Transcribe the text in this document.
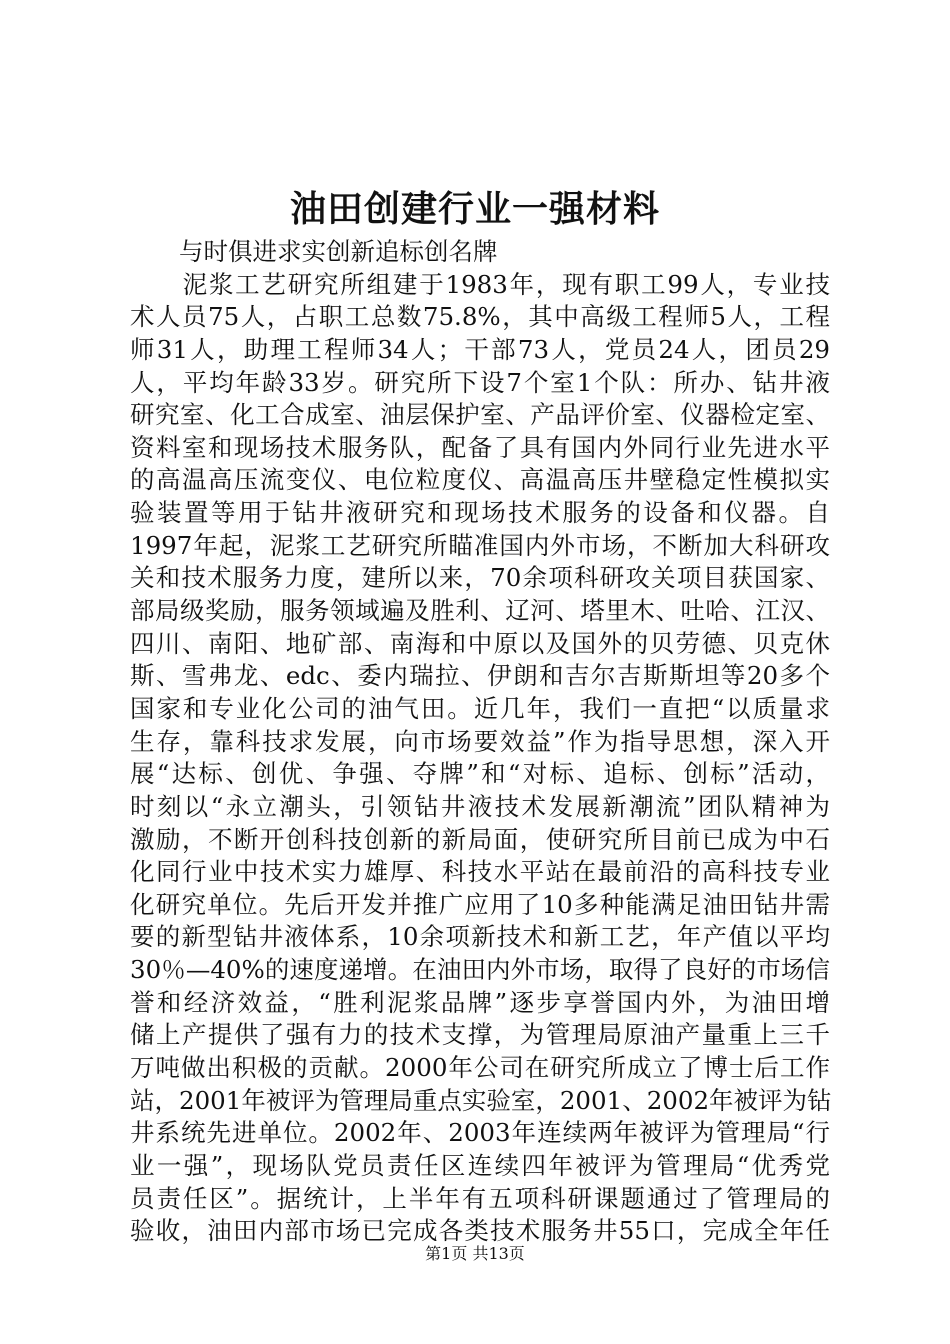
油田创建行业一强材料
　　与时俱进求实创新追标创名牌
　　泥浆工艺研究所组建于1983年，现有职工99人，专业技
术人员75人，占职工总数75.8%，其中高级工程师5人，工程
师31人，助理工程师34人；干部73人，党员24人，团员29
人，平均年龄33岁。研究所下设7个室1个队：所办、钻井液
研究室、化工合成室、油层保护室、产品评价室、仪器检定室、
资料室和现场技术服务队，配备了具有国内外同行业先进水平
的高温高压流变仪、电位粒度仪、高温高压井壁稳定性模拟实
验装置等用于钻井液研究和现场技术服务的设备和仪器。自
1997年起，泥浆工艺研究所瞄准国内外市场，不断加大科研攻
关和技术服务力度，建所以来，70余项科研攻关项目获国家、
部局级奖励，服务领域遍及胜利、辽河、塔里木、吐哈、江汉、
四川、南阳、地矿部、南海和中原以及国外的贝劳德、贝克休
斯、雪弗龙、edc、委内瑞拉、伊朗和吉尔吉斯斯坦等20多个
国家和专业化公司的油气田。近几年，我们一直把“以质量求
生存，靠科技求发展，向市场要效益”作为指导思想，深入开
展“达标、创优、争强、夺牌”和“对标、追标、创标”活动，
时刻以“永立潮头，引领钻井液技术发展新潮流”团队精神为
激励，不断开创科技创新的新局面，使研究所目前已成为中石
化同行业中技术实力雄厚、科技水平站在最前沿的高科技专业
化研究单位。先后开发并推广应用了10多种能满足油田钻井需
要的新型钻井液体系，10余项新技术和新工艺，年产值以平均
30％—40%的速度递增。在油田内外市场，取得了良好的市场信
誉和经济效益，“胜利泥浆品牌”逐步享誉国内外，为油田增
储上产提供了强有力的技术支撑，为管理局原油产量重上三千
万吨做出积极的贡献。2000年公司在研究所成立了博士后工作
站，2001年被评为管理局重点实验室，2001、2002年被评为钻
井系统先进单位。2002年、2003年连续两年被评为管理局“行
业一强”，现场队党员责任区连续四年被评为管理局“优秀党
员责任区”。据统计，上半年有五项科研课题通过了管理局的
验收，油田内部市场已完成各类技术服务井55口，完成全年任
第1页 共13页
